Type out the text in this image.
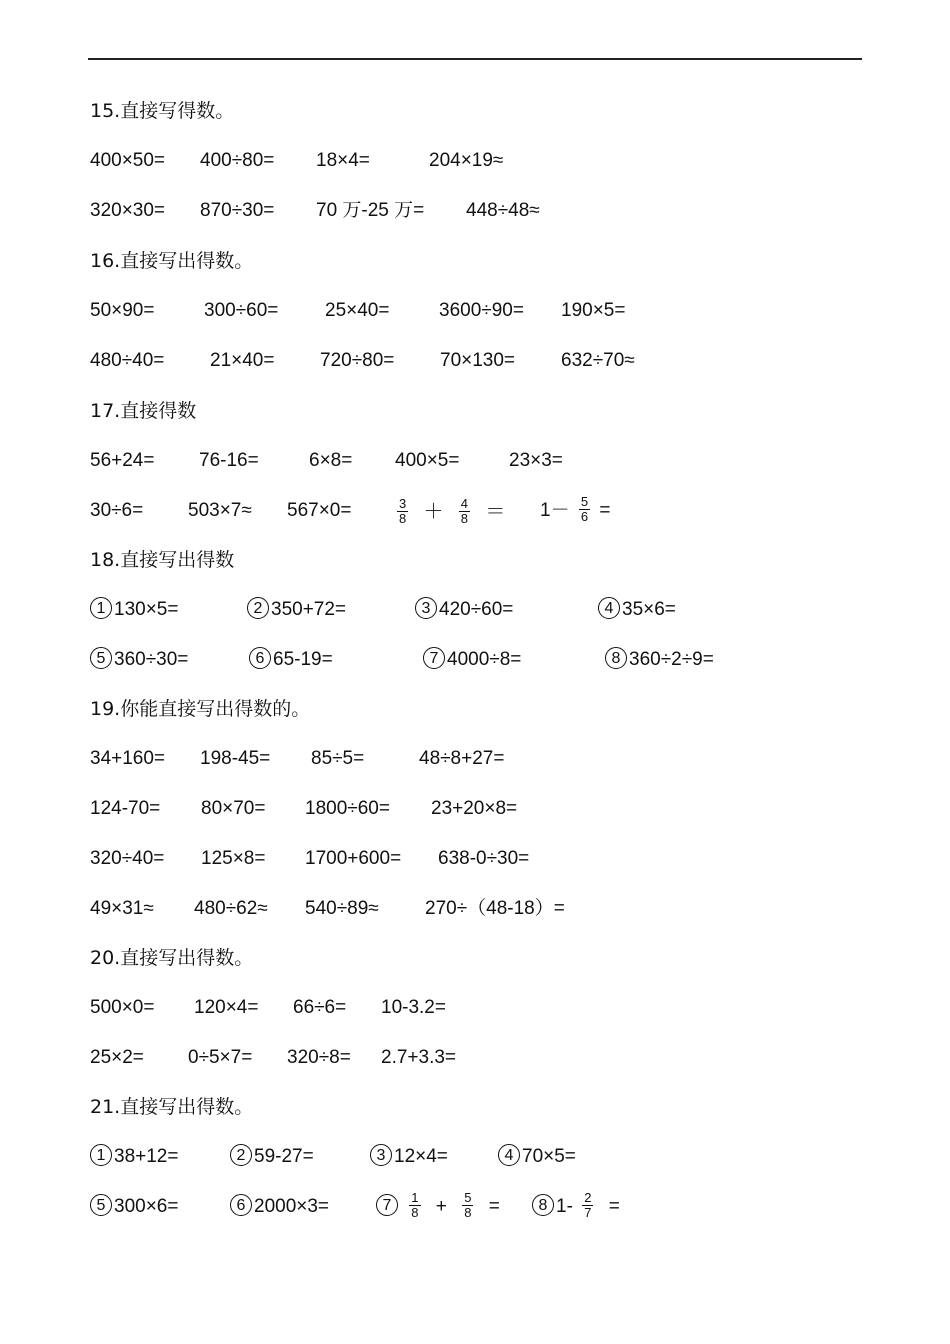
15.直接写得数。
400×50= 400÷80= 18×4=	204×19≈
320×30= 870÷30= 70 万-25 万= 448÷48≈
16.直接写出得数。
50×90=	300÷60= 25×40=	3600÷90= 190×5=
480÷40= 21×40= 720÷80= 70×130= 632÷70≈
17.直接得数
56+24= 76-16=	6×8= 400×5=	23×3=
30÷6= 503×7≈ 567×0=	$\frac{3}{8} + \frac{4}{8}$ ＝	$1- \frac{5}{6}$ =
18.直接写出得数
1 130×5=	2 350+72=	3 420÷60=	4 35×6=
5 360÷30=	6 65-19=	7 4000÷8=	8 360÷2÷9=
19.你能直接写出得数的。
34+160= 198-45= 85÷5=	48÷8+27=
124-70= 80×70= 1800÷60= 23+20×8=
320÷40= 125×8= 1700+600= 638-0÷30=
49×31≈ 480÷62≈ 540÷89≈ 270÷（48-18）=
20.直接写出得数。
500×0= 120×4= 66÷6= 10-3.2=
25×2= 0÷5×7= 320÷8= 2.7+3.3=
21.直接写出得数。
1 38+12=	2 59-27=	3 12×4=	4 70×5=
5 300×6=	6 2000×3=	$7 \frac{1}{8} + \frac{5}{8}$ =	8 $1- \frac{2}{7}$ =
